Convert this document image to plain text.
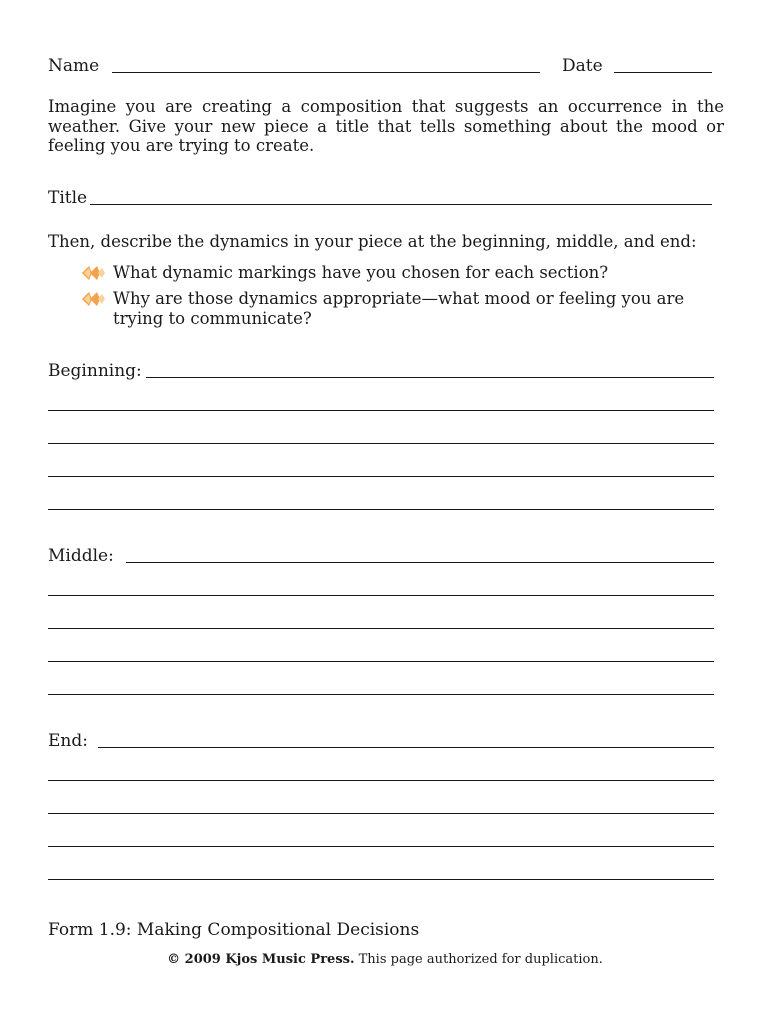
Name	Date
Imagine you are creating a composition that suggests an occurrence in the weather. Give your new piece a title that tells something about the mood or feeling you are trying to create.
Title
Then, describe the dynamics in your piece at the beginning, middle, and end:
What dynamic markings have you chosen for each section?
Why are those dynamics appropriate—what mood or feeling you are trying to communicate?
Beginning:
Middle:
End:
Form 1.9: Making Compositional Decisions
© 2009 Kjos Music Press. This page authorized for duplication.
